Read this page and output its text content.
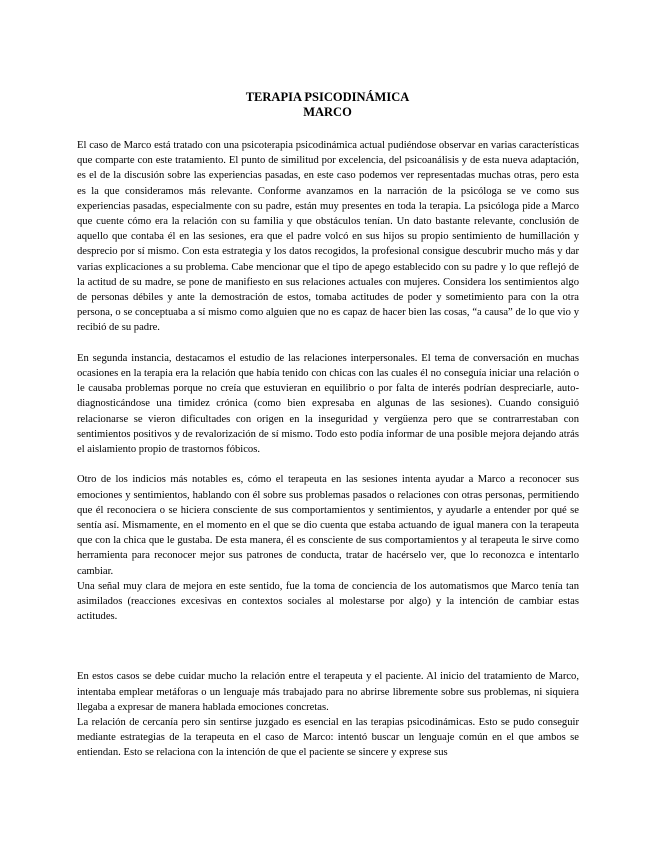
TERAPIA PSICODINÁMICA
MARCO

El caso de Marco está tratado con una psicoterapia psicodinámica actual pudiéndose observar en varias características que comparte con este tratamiento. El punto de similitud por excelencia, del psicoanálisis y de esta nueva adaptación, es el de la discusión sobre las experiencias pasadas, en este caso podemos ver representadas muchas otras, pero esta es la que consideramos más relevante. Conforme avanzamos en la narración de la psicóloga se ve como sus experiencias pasadas, especialmente con su padre, están muy presentes en toda la terapia. La psicóloga pide a Marco que cuente cómo era la relación con su familia y que obstáculos tenían. Un dato bastante relevante, conclusión de aquello que contaba él en las sesiones, era que el padre volcó en sus hijos su propio sentimiento de humillación y desprecio por sí mismo. Con esta estrategia y los datos recogidos, la profesional consigue descubrir mucho más y dar varias explicaciones a su problema. Cabe mencionar que el tipo de apego establecido con su padre y lo que reflejó de la actitud de su madre, se pone de manifiesto en sus relaciones actuales con mujeres. Considera los sentimientos algo de personas débiles y ante la demostración de estos, tomaba actitudes de poder y sometimiento para con la otra persona, o se conceptuaba a sí mismo como alguien que no es capaz de hacer bien las cosas, “a causa” de lo que vio y recibió de su padre.

En segunda instancia, destacamos el estudio de las relaciones interpersonales. El tema de conversación en muchas ocasiones en la terapia era la relación que había tenido con chicas con las cuales él no conseguía iniciar una relación o le causaba problemas porque no creía que estuvieran en equilibrio o por falta de interés podrían despreciarle, auto-diagnosticándose una timidez crónica (como bien expresaba en algunas de las sesiones). Cuando consiguió relacionarse se vieron dificultades con origen en la inseguridad y vergüenza pero que se contrarrestaban con sentimientos positivos y de revalorización de sí mismo. Todo esto podía informar de una posible mejora dejando atrás el aislamiento propio de trastornos fóbicos.

Otro de los indicios más notables es, cómo el terapeuta en las sesiones intenta ayudar a Marco a reconocer sus emociones y sentimientos, hablando con él sobre sus problemas pasados o relaciones con otras personas, permitiendo que él reconociera o se hiciera consciente de sus comportamientos y sentimientos, y ayudarle a entender por qué se sentía así. Mismamente, en el momento en el que se dio cuenta que estaba actuando de igual manera con la terapeuta que con la chica que le gustaba. De esta manera, él es consciente de sus comportamientos y al terapeuta le sirve como herramienta para reconocer mejor sus patrones de conducta, tratar de hacérselo ver, que lo reconozca e intentarlo cambiar.

Una señal muy clara de mejora en este sentido, fue la toma de conciencia de los automatismos que Marco tenía tan asimilados (reacciones excesivas en contextos sociales al molestarse por algo) y la intención de cambiar estas actitudes.

En estos casos se debe cuidar mucho la relación entre el terapeuta y el paciente. Al inicio del tratamiento de Marco, intentaba emplear metáforas o un lenguaje más trabajado para no abrirse libremente sobre sus problemas, ni siquiera llegaba a expresar de manera hablada emociones concretas.

La relación de cercanía pero sin sentirse juzgado es esencial en las terapias psicodinámicas. Esto se pudo conseguir mediante estrategias de la terapeuta en el caso de Marco: intentó buscar un lenguaje común en el que ambos se entiendan. Esto se relaciona con la intención de que el paciente se sincere y exprese sus
